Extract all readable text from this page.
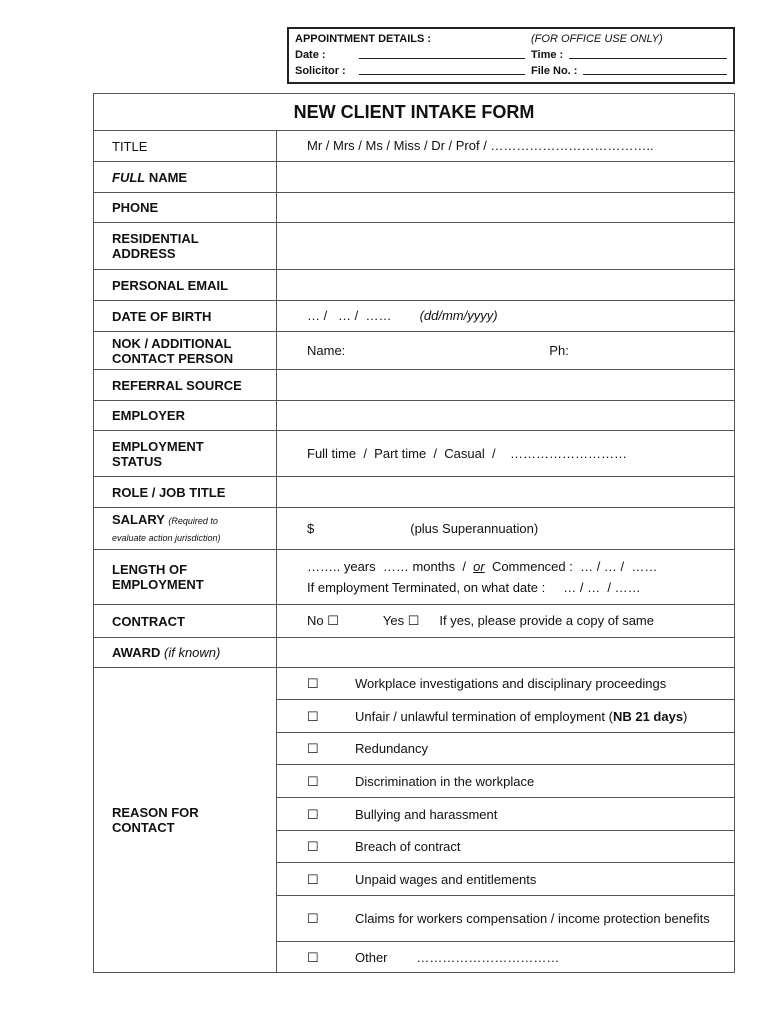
APPOINTMENT DETAILS :	(FOR OFFICE USE ONLY)
Date :	Time :
Solicitor :	File No. :
NEW CLIENT INTAKE FORM	
TITLE	Mr / Mrs / Ms / Miss / Dr / Prof / ………………………………..
FULL NAME	
PHONE	
RESIDENTIAL
ADDRESS	
PERSONAL EMAIL	
DATE OF BIRTH	… /   … /  ……     (dd/mm/yyyy)
NOK / ADDITIONAL
CONTACT PERSON	Name: Ph:
REFERRAL SOURCE	
EMPLOYER	
EMPLOYMENT
STATUS	Full time  /  Part time  /  Casual  /    ………………………
ROLE / JOB TITLE	
SALARY (Required to
evaluate action jurisdiction)	$ (plus Superannuation)
LENGTH OF
EMPLOYMENT	…….. years  …… months  /  or  Commenced :  … / … /  ……
If employment Terminated, on what date :     … / …  / ……
CONTRACT	No ☐ Yes ☐ If yes, please provide a copy of same
AWARD (if known)	
REASON FOR
CONTACT	☐ Workplace investigations and disciplinary proceedings

	☐ Unfair / unlawful termination of employment (NB 21 days)

	☐ Redundancy

	☐ Discrimination in the workplace

	☐ Bullying and harassment

	☐ Breach of contract

	☐ Unpaid wages and entitlements

	☐ Claims for workers compensation / income protection benefits

	☐ Other        ……………………………
